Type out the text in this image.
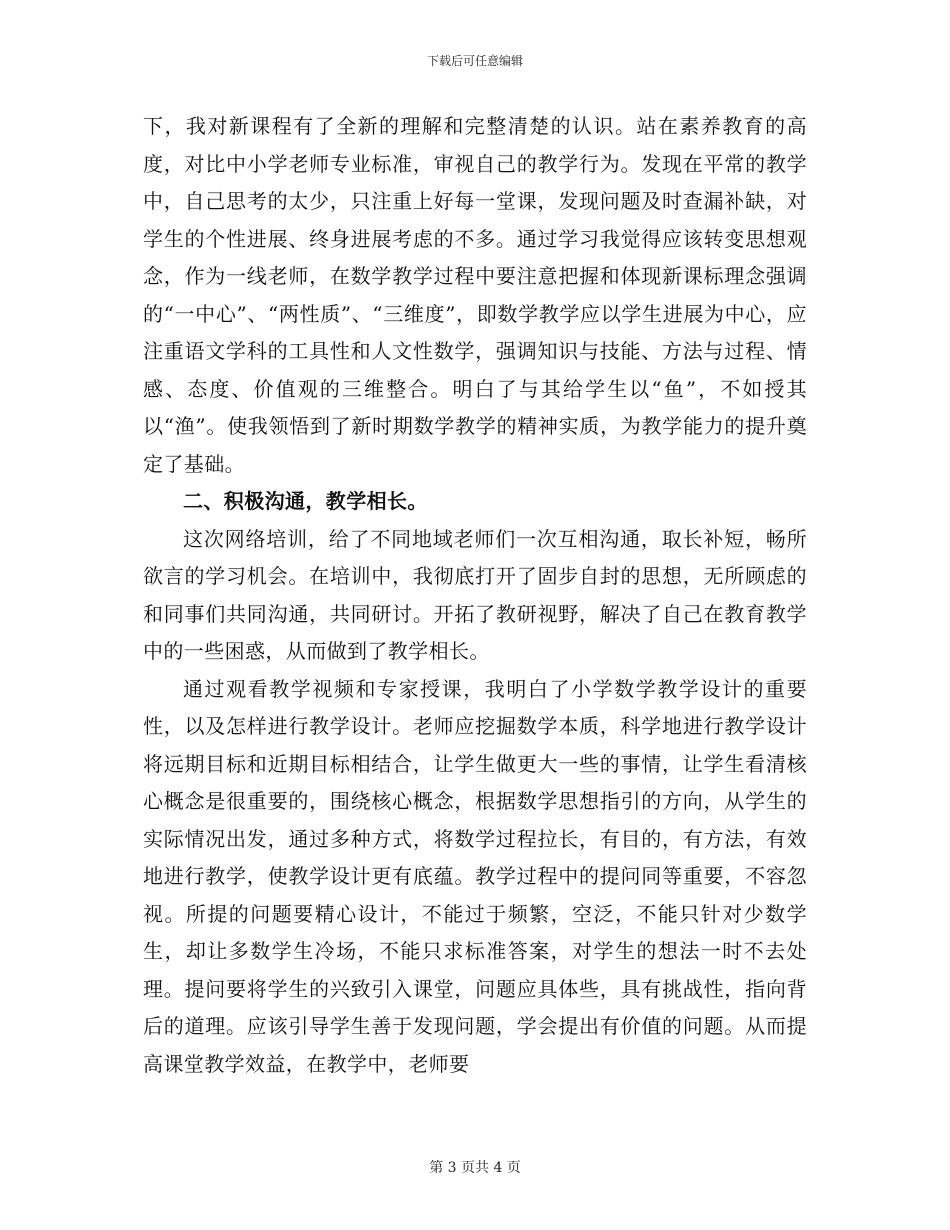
下载后可任意编辑

下，我对新课程有了全新的理解和完整清楚的认识。站在素养教育的高度，对比中小学老师专业标准，审视自己的教学行为。发现在平常的教学中，自己思考的太少，只注重上好每一堂课，发现问题及时查漏补缺，对学生的个性进展、终身进展考虑的不多。通过学习我觉得应该转变思想观念，作为一线老师，在数学教学过程中要注意把握和体现新课标理念强调的“一中心”、“两性质”、“三维度”，即数学教学应以学生进展为中心，应注重语文学科的工具性和人文性数学，强调知识与技能、方法与过程、情感、态度、价值观的三维整合。明白了与其给学生以“鱼”，不如授其以“渔”。使我领悟到了新时期数学教学的精神实质，为教学能力的提升奠定了基础。

二、积极沟通，教学相长。

这次网络培训，给了不同地域老师们一次互相沟通，取长补短，畅所欲言的学习机会。在培训中，我彻底打开了固步自封的思想，无所顾虑的和同事们共同沟通，共同研讨。开拓了教研视野，解决了自己在教育教学中的一些困惑，从而做到了教学相长。

通过观看教学视频和专家授课，我明白了小学数学教学设计的重要性，以及怎样进行教学设计。老师应挖掘数学本质，科学地进行教学设计将远期目标和近期目标相结合，让学生做更大一些的事情，让学生看清核心概念是很重要的，围绕核心概念，根据数学思想指引的方向，从学生的实际情况出发，通过多种方式，将数学过程拉长，有目的，有方法，有效地进行教学，使教学设计更有底蕴。教学过程中的提问同等重要，不容忽视。所提的问题要精心设计，不能过于频繁，空泛，不能只针对少数学生，却让多数学生冷场，不能只求标准答案，对学生的想法一时不去处理。提问要将学生的兴致引入课堂，问题应具体些，具有挑战性，指向背后的道理。应该引导学生善于发现问题，学会提出有价值的问题。从而提高课堂教学效益，在教学中，老师要

第 3 页共 4 页
